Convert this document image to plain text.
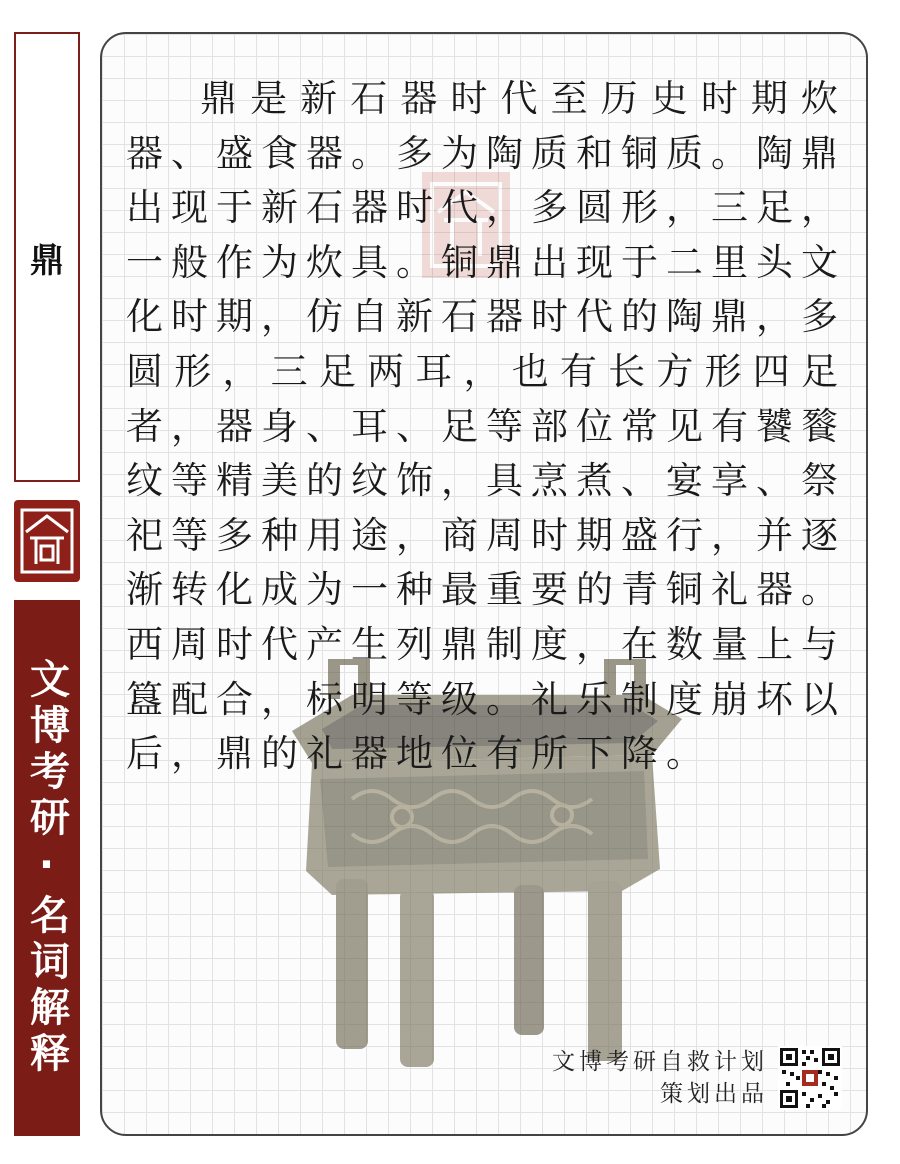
鼎
文博考研·名词解释

鼎是新石器时代至历史时期炊器、盛食器。多为陶质和铜质。陶鼎出现于新石器时代，多圆形，三足，一般作为炊具。铜鼎出现于二里头文化时期，仿自新石器时代的陶鼎，多圆形，三足两耳，也有长方形四足者，器身、耳、足等部位常见有饕餮纹等精美的纹饰，具烹煮、宴享、祭祀等多种用途，商周时期盛行，并逐渐转化成为一种最重要的青铜礼器。西周时代产生列鼎制度，在数量上与簋配合，标明等级。礼乐制度崩坏以后，鼎的礼器地位有所下降。

文博考研自救计划
策划出品
